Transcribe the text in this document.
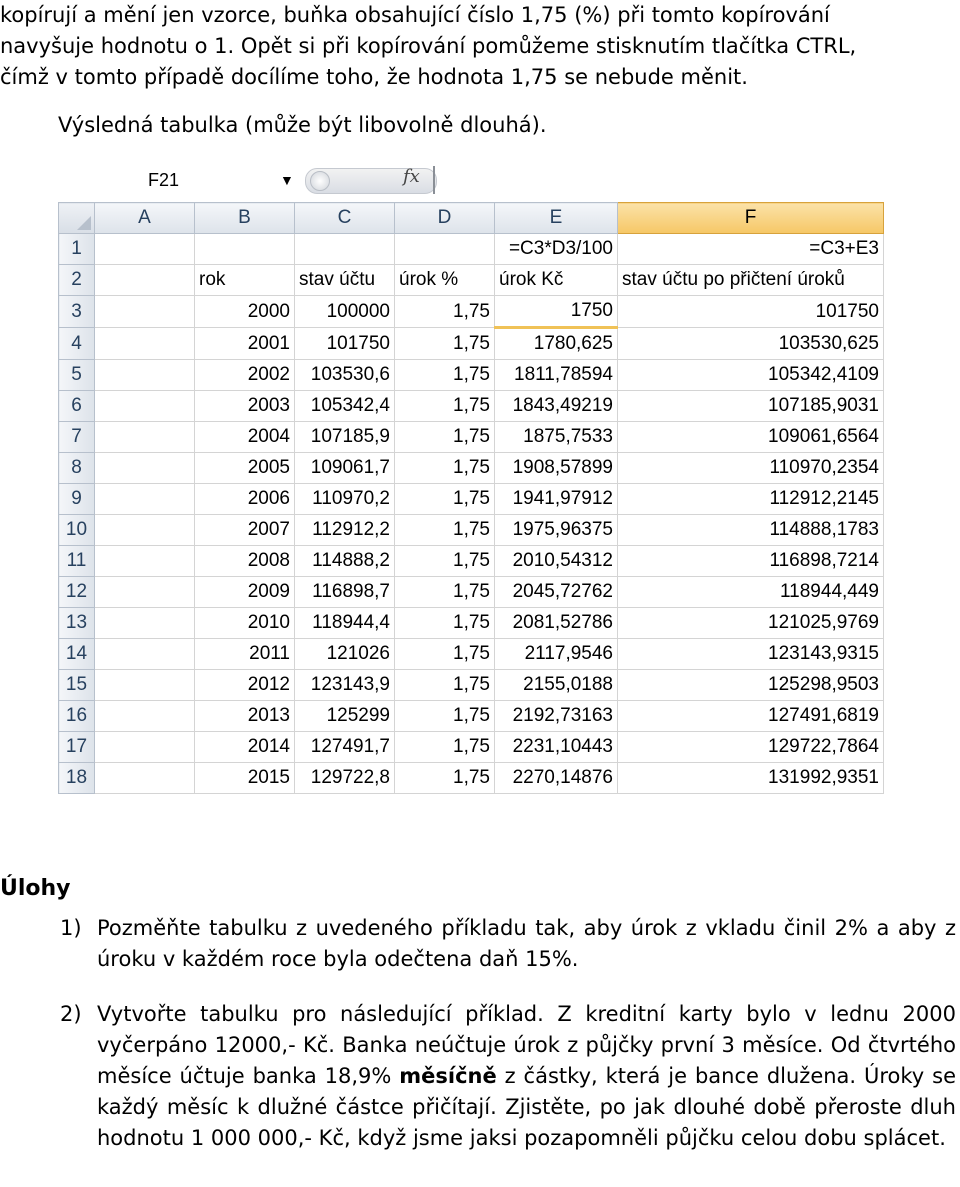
kopírují a mění jen vzorce, buňka obsahující číslo 1,75 (%) při tomto kopírování

navyšuje hodnotu o 1. Opět si při kopírování pomůžeme stisknutím tlačítka CTRL,

čímž v tomto případě docílíme toho, že hodnota 1,75 se nebude měnit.

Výsledná tabulka (může být libovolně dlouhá).
F21	▼	fx
	A	B	C	D	E	F
1					=C3*D3/100	=C3+E3
2		rok	stav účtu	úrok %	úrok Kč	stav účtu po přičtení úroků
3		2000	100000	1,75	1750	101750
4		2001	101750	1,75	1780,625	103530,625
5		2002	103530,6	1,75	1811,78594	105342,4109
6		2003	105342,4	1,75	1843,49219	107185,9031
7		2004	107185,9	1,75	1875,7533	109061,6564
8		2005	109061,7	1,75	1908,57899	110970,2354
9		2006	110970,2	1,75	1941,97912	112912,2145
10		2007	112912,2	1,75	1975,96375	114888,1783
11		2008	114888,2	1,75	2010,54312	116898,7214
12		2009	116898,7	1,75	2045,72762	118944,449
13		2010	118944,4	1,75	2081,52786	121025,9769
14		2011	121026	1,75	2117,9546	123143,9315
15		2012	123143,9	1,75	2155,0188	125298,9503
16		2013	125299	1,75	2192,73163	127491,6819
17		2014	127491,7	1,75	2231,10443	129722,7864
18		2015	129722,8	1,75	2270,14876	131992,9351
Úlohy
1) Pozměňte tabulku z uvedeného příkladu tak, aby úrok z vkladu činil 2% a aby z úroku v každém roce byla odečtena daň 15%.
2) Vytvořte tabulku pro následující příklad. Z kreditní karty bylo v lednu 2000 vyčerpáno 12000,- Kč. Banka neúčtuje úrok z půjčky první 3 měsíce. Od čtvrtého měsíce účtuje banka 18,9% měsíčně z částky, která je bance dlužena. Úroky se každý měsíc k dlužné částce přičítají. Zjistěte, po jak dlouhé době přeroste dluh hodnotu 1 000 000,- Kč, když jsme jaksi pozapomněli půjčku celou dobu splácet.
